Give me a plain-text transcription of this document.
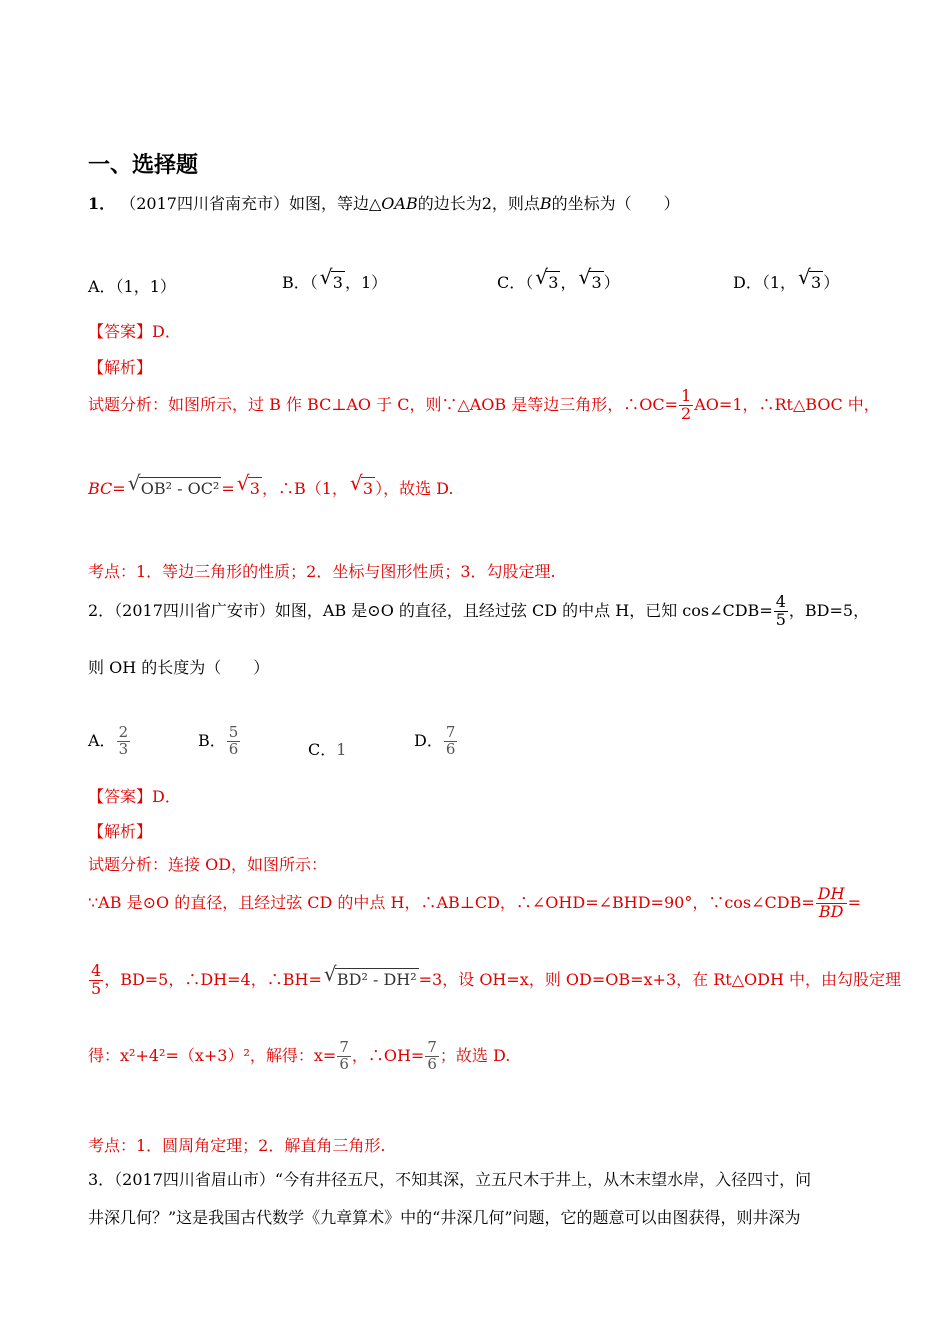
一、选择题
1． （2017四川省南充市）如图，等边△OAB的边长为2，则点B的坐标为（　　）
A．（1，1）	B．（ √ 3 ，1）	C．（ √ 3 ， √ 3 ）	D．（1， √ 3 ）
【答案】D．
【解析】
试题分析：如图所示，过 B 作 BC⊥AO 于 C，则∵△AOB 是等边三角形，∴OC= $\frac{1}{2} AO=1$，∴Rt△BOC 中，
BC= √ OB² - OC² = √ 3 ，∴B（1， √ 3 ），故选 D.
考点：1．等边三角形的性质；2．坐标与图形性质；3．勾股定理.
2．（2017四川省广安市）如图，AB 是⊙O 的直径，且经过弦 CD 的中点 H，已知 cos∠CDB= $\frac{4}{5}$ ，BD=5，
则 OH 的长度为（　　）
A． $\frac{2}{3}$	B． $\frac{5}{6}$	C．1	D． $\frac{7}{6}$
【答案】D．
【解析】
试题分析：连接 OD，如图所示：
∵AB 是⊙O 的直径，且经过弦 CD 的中点 H，∴AB⊥CD，∴∠OHD=∠BHD=90°，∵cos∠CDB= $\frac{DH}{BD}$ =
$\frac{4}{5}$ ，BD=5，∴DH=4，∴BH= √ BD² - DH² =3，设 OH=x，则 OD=OB=x+3，在 Rt△ODH 中，由勾股定理
得：x²+4²=（x+3）²，解得：$x= \frac{7}{6}$ ，∴OH= $\frac{7}{6}$ ；故选 D.
考点：1．圆周角定理；2．解直角三角形.
3．（2017四川省眉山市）“今有井径五尺，不知其深，立五尺木于井上，从木末望水岸，入径四寸，问
井深几何？”这是我国古代数学《九章算术》中的“井深几何”问题，它的题意可以由图获得，则井深为
